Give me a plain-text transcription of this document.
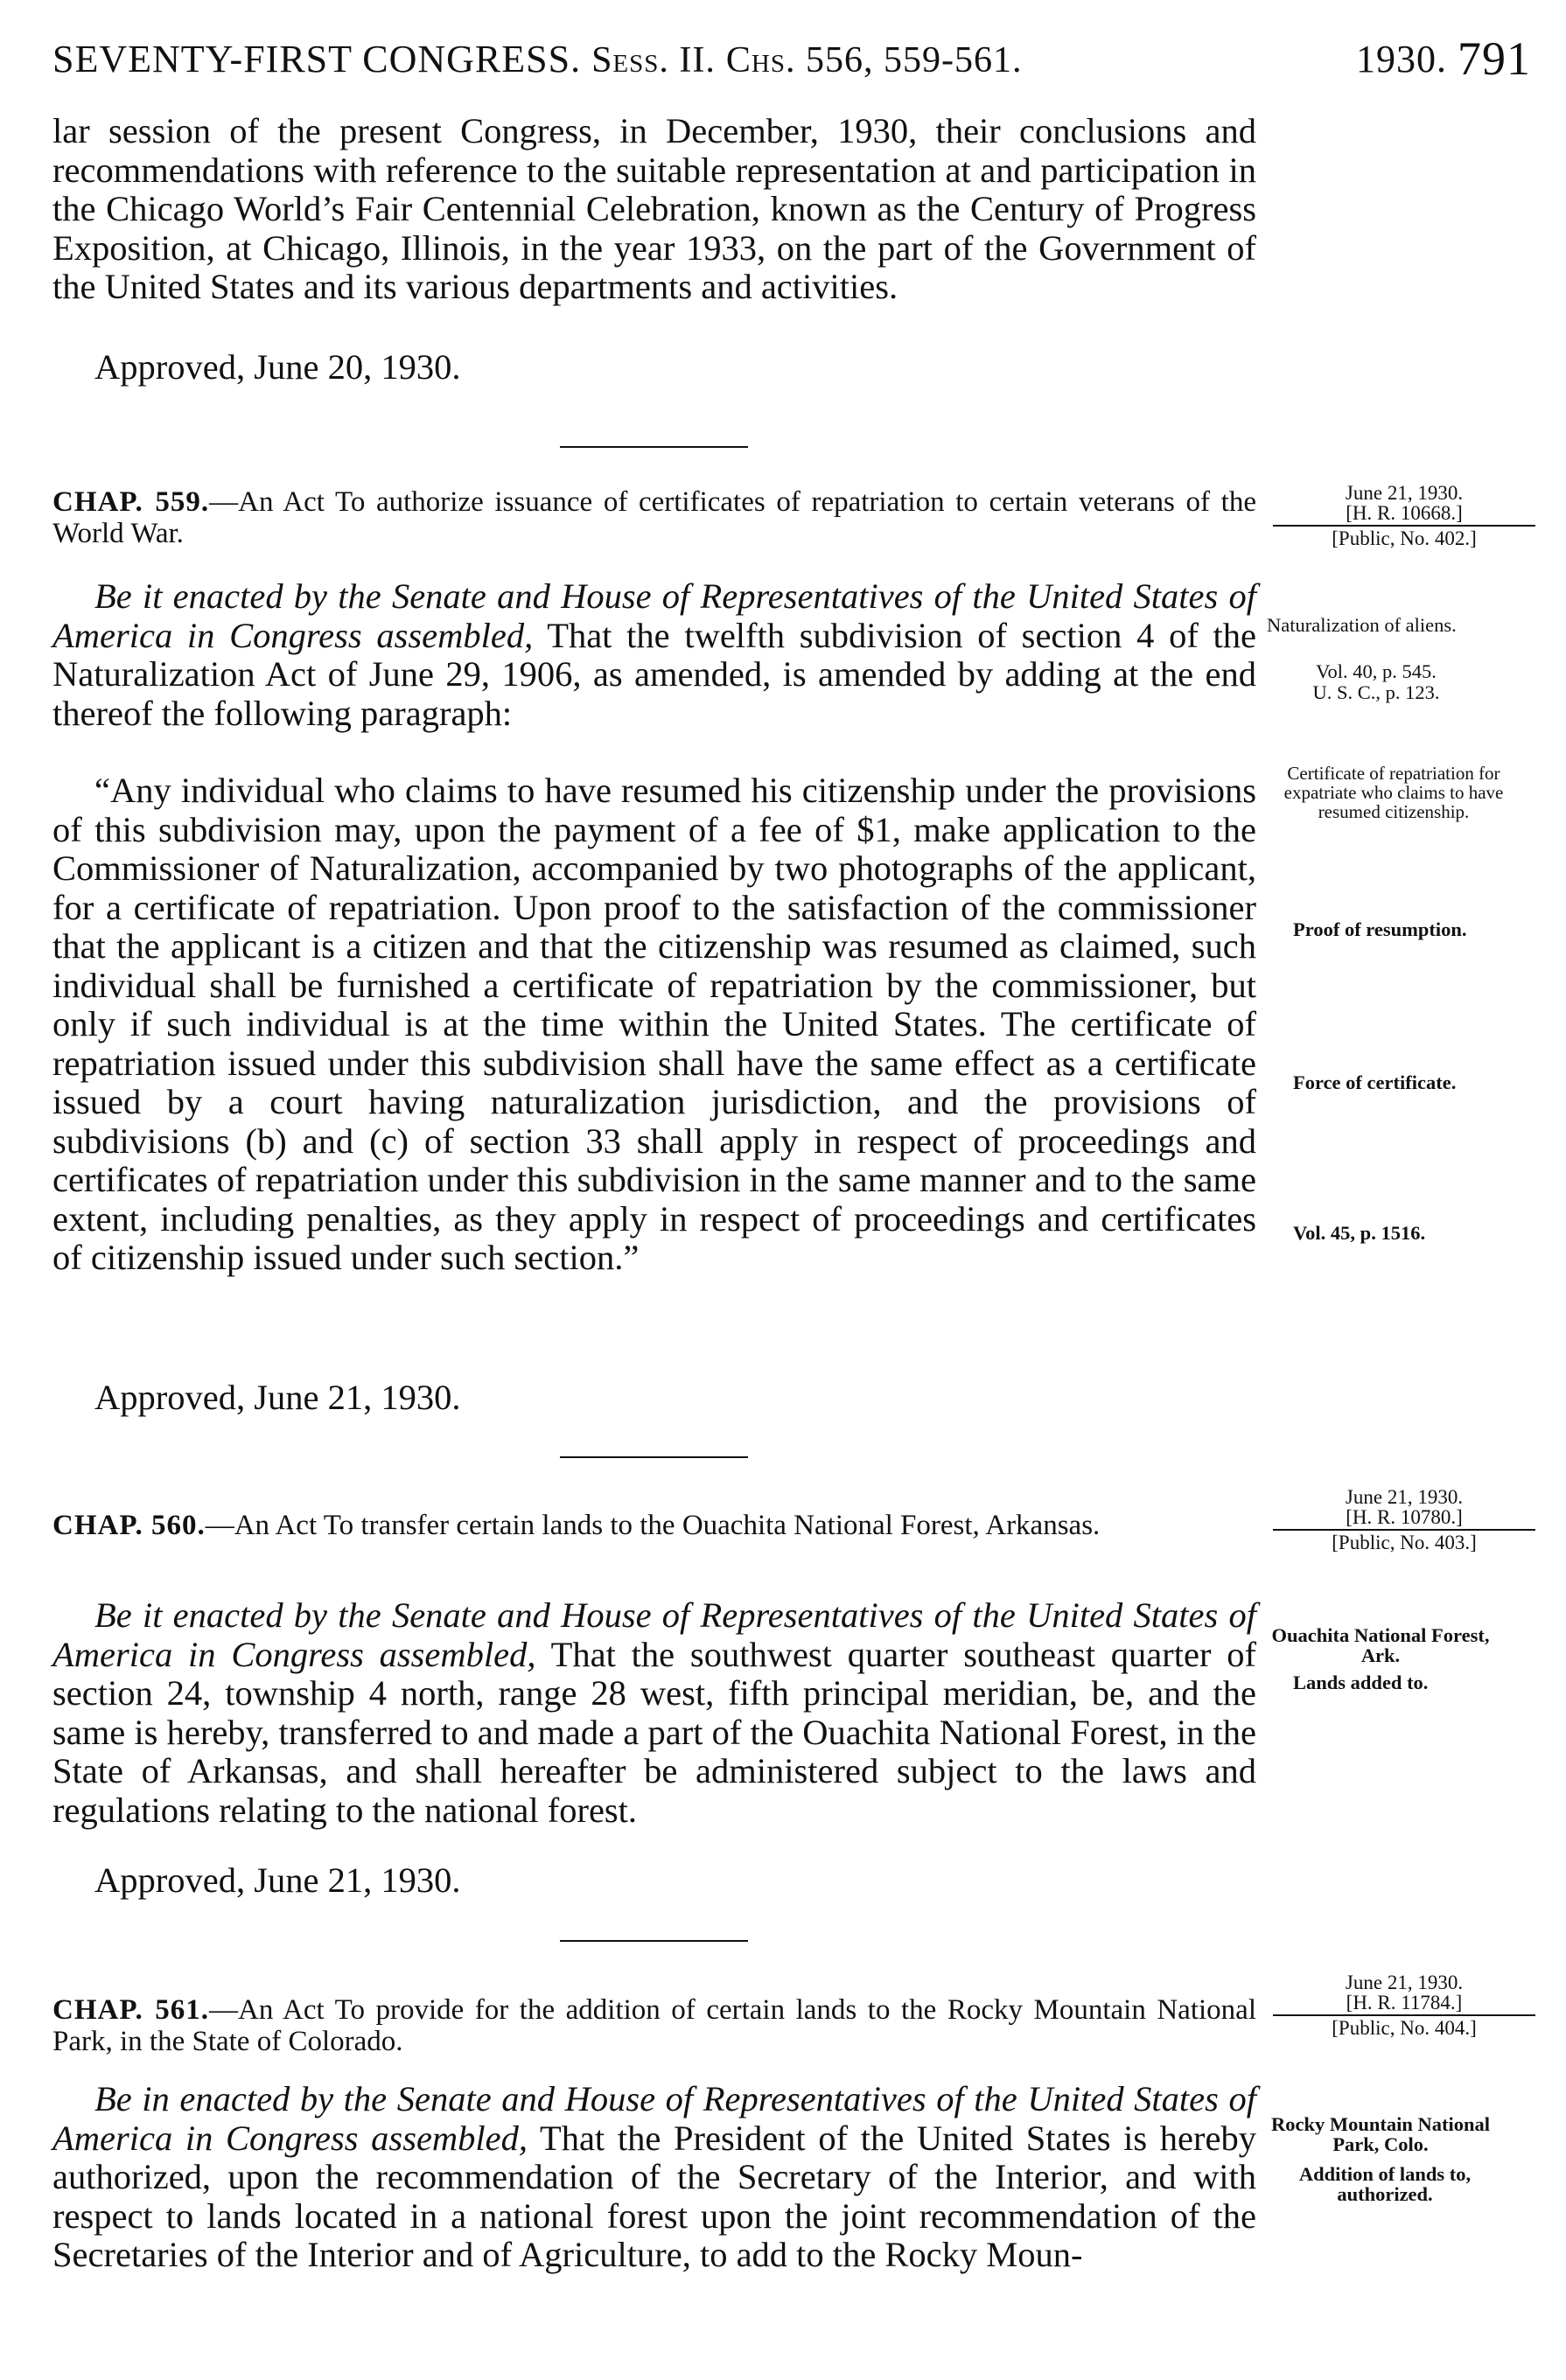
SEVENTY-FIRST CONGRESS. Sess. II. Chs. 556, 559-561.	1930. 791
lar session of the present Congress, in December, 1930, their conclusions and recommendations with reference to the suitable representation at and participation in the Chicago World’s Fair Centennial Celebration, known as the Century of Progress Exposition, at Chicago, Illinois, in the year 1933, on the part of the Government of the United States and its various departments and activities.
Approved, June 20, 1930.
CHAP. 559.—An Act To authorize issuance of certificates of repatriation to certain veterans of the World War.
June 21, 1930.
[H. R. 10668.]
[Public, No. 402.]
Be it enacted by the Senate and House of Representatives of the United States of America in Congress assembled, That the twelfth subdivision of section 4 of the Naturalization Act of June 29, 1906, as amended, is amended by adding at the end thereof the following paragraph:
“Any individual who claims to have resumed his citizenship under the provisions of this subdivision may, upon the payment of a fee of $1, make application to the Commissioner of Naturalization, accompanied by two photographs of the applicant, for a certificate of repatriation. Upon proof to the satisfaction of the commissioner that the applicant is a citizen and that the citizenship was resumed as claimed, such individual shall be furnished a certificate of repatriation by the commissioner, but only if such individual is at the time within the United States. The certificate of repatriation issued under this subdivision shall have the same effect as a certificate issued by a court having naturalization jurisdiction, and the provisions of subdivisions (b) and (c) of section 33 shall apply in respect of proceedings and certificates of repatriation under this subdivision in the same manner and to the same extent, including penalties, as they apply in respect of proceedings and certificates of citizenship issued under such section.”
Approved, June 21, 1930.
Naturalization of aliens.
Vol. 40, p. 545.
U. S. C., p. 123.
Certificate of repatriation for expatriate who claims to have resumed citizenship.
Proof of resumption.
Force of certificate.
Vol. 45, p. 1516.
CHAP. 560.—An Act To transfer certain lands to the Ouachita National Forest, Arkansas.
June 21, 1930.
[H. R. 10780.]
[Public, No. 403.]
Be it enacted by the Senate and House of Representatives of the United States of America in Congress assembled, That the southwest quarter southeast quarter of section 24, township 4 north, range 28 west, fifth principal meridian, be, and the same is hereby, transferred to and made a part of the Ouachita National Forest, in the State of Arkansas, and shall hereafter be administered subject to the laws and regulations relating to the national forest.
Approved, June 21, 1930.
Ouachita National Forest, Ark.
Lands added to.
CHAP. 561.—An Act To provide for the addition of certain lands to the Rocky Mountain National Park, in the State of Colorado.
June 21, 1930.
[H. R. 11784.]
[Public, No. 404.]
Be in enacted by the Senate and House of Representatives of the United States of America in Congress assembled, That the President of the United States is hereby authorized, upon the recommendation of the Secretary of the Interior, and with respect to lands located in a national forest upon the joint recommendation of the Secretaries of the Interior and of Agriculture, to add to the Rocky Moun-
Rocky Mountain National Park, Colo.
Addition of lands to, authorized.
